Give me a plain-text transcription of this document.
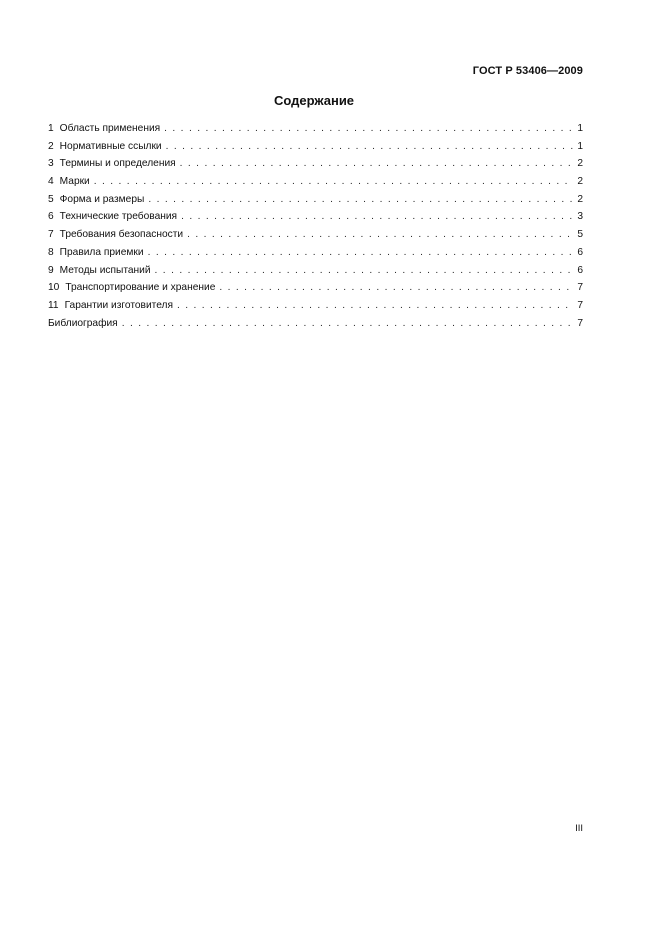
ГОСТ Р 53406—2009
Содержание
1 Область применения . . .	1
2 Нормативные ссылки . . .	1
3 Термины и определения . . .	2
4 Марки . . .	2
5 Форма и размеры . . .	2
6 Технические требования . . .	3
7 Требования безопасности . . .	5
8 Правила приемки . . .	6
9 Методы испытаний . . .	6
10 Транспортирование и хранение . . .	7
11 Гарантии изготовителя . . .	7
Библиография . . .	7
III
